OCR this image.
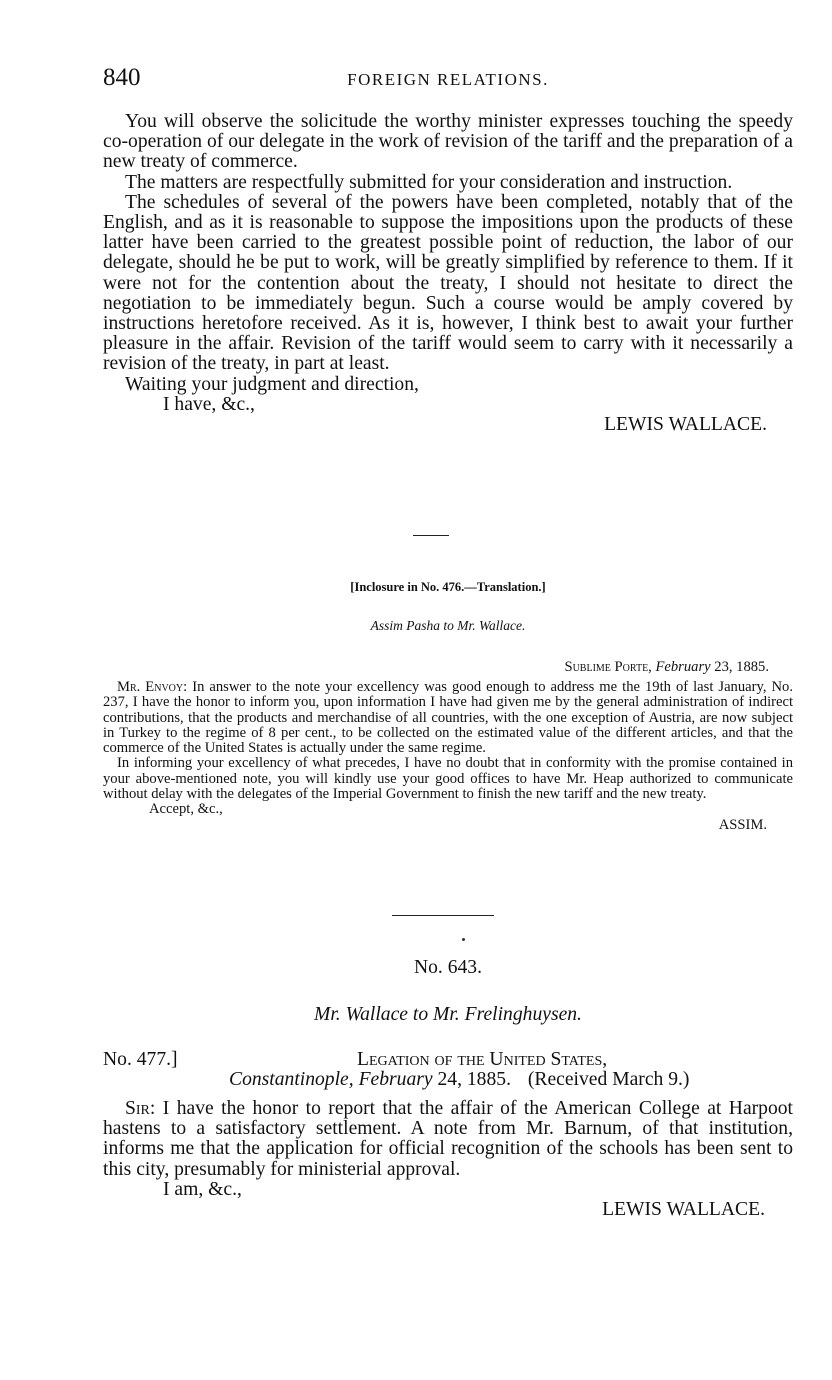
840	FOREIGN RELATIONS.

You will observe the solicitude the worthy minister expresses touching the speedy co-operation of our delegate in the work of revision of the tariff and the preparation of a new treaty of commerce.

The matters are respectfully submitted for your consideration and instruction.

The schedules of several of the powers have been completed, notably that of the English, and as it is reasonable to suppose the impositions upon the products of these latter have been carried to the greatest possible point of reduction, the labor of our delegate, should he be put to work, will be greatly simplified by reference to them. If it were not for the contention about the treaty, I should not hesitate to direct the negotiation to be immediately begun. Such a course would be amply covered by instructions heretofore received. As it is, however, I think best to await your further pleasure in the affair. Revision of the tariff would seem to carry with it necessarily a revision of the treaty, in part at least.

Waiting your judgment and direction,
I have, &c.,
LEWIS WALLACE.
[Inclosure in No. 476.—Translation.]
Assim Pasha to Mr. Wallace.
Sublime Porte, February 23, 1885.

Mr. Envoy: In answer to the note your excellency was good enough to address me the 19th of last January, No. 237, I have the honor to inform you, upon information I have had given me by the general administration of indirect contributions, that the products and merchandise of all countries, with the one exception of Austria, are now subject in Turkey to the regime of 8 per cent., to be collected on the estimated value of the different articles, and that the commerce of the United States is actually under the same regime.

In informing your excellency of what precedes, I have no doubt that in conformity with the promise contained in your above-mentioned note, you will kindly use your good offices to have Mr. Heap authorized to communicate without delay with the delegates of the Imperial Government to finish the new tariff and the new treaty.

Accept, &c.,
ASSIM.
No. 643.
Mr. Wallace to Mr. Frelinghuysen.
No. 477.]	Legation of the United States,
Constantinople, February 24, 1885. (Received March 9.)

Sir: I have the honor to report that the affair of the American College at Harpoot hastens to a satisfactory settlement. A note from Mr. Barnum, of that institution, informs me that the application for official recognition of the schools has been sent to this city, presumably for ministerial approval.

I am, &c.,
LEWIS WALLACE.
